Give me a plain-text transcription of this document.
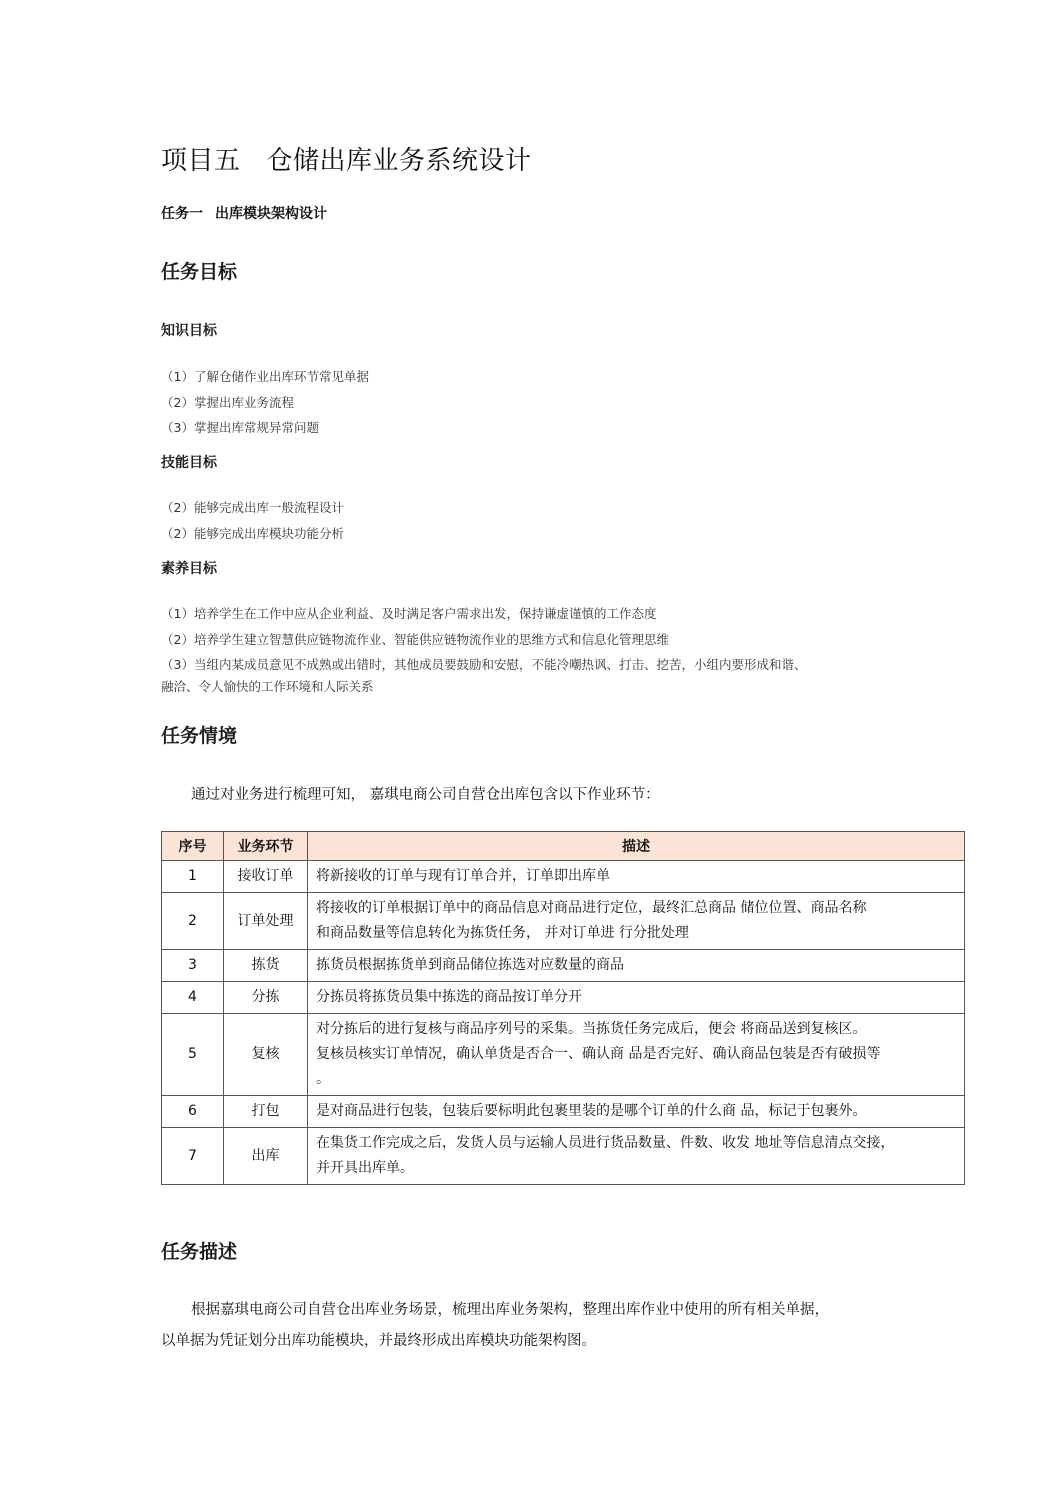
项目五 仓储出库业务系统设计
任务一 出库模块架构设计
任务目标
知识目标
（1）了解仓储作业出库环节常见单据
（2）掌握出库业务流程
（3）掌握出库常规异常问题
技能目标
（2）能够完成出库一般流程设计
（2）能够完成出库模块功能分析
素养目标
（1）培养学生在工作中应从企业利益、及时满足客户需求出发，保持谦虚谨慎的工作态度
（2）培养学生建立智慧供应链物流作业、智能供应链物流作业的思维方式和信息化管理思维
（3）当组内某成员意见不成熟或出错时，其他成员要鼓励和安慰，不能冷嘲热讽、打击、挖苦，小组内要形成和谐、
融洽、令人愉快的工作环境和人际关系
任务情境
通过对业务进行梳理可知， 嘉琪电商公司自营仓出库包含以下作业环节：
序号	业务环节	描述
1	接收订单	将新接收的订单与现有订单合并，订单即出库单

2	订单处理	将接收的订单根据订单中的商品信息对商品进行定位，最终汇总商品 储位位置、商品名称
和商品数量等信息转化为拣货任务， 并对订单进 行分批处理

3	拣货	拣货员根据拣货单到商品储位拣选对应数量的商品

4	分拣	分拣员将拣货员集中拣选的商品按订单分开

5	复核	对分拣后的进行复核与商品序列号的采集。当拣货任务完成后，便会 将商品送到复核区。
复核员核实订单情况，确认单货是否合一、确认商 品是否完好、确认商品包装是否有破损等
。

6	打包	是对商品进行包装，包装后要标明此包裹里装的是哪个订单的什么商 品，标记于包裹外。

7	出库	在集货工作完成之后，发货人员与运输人员进行货品数量、件数、收发 地址等信息清点交接，
并开具出库单。
任务描述
根据嘉琪电商公司自营仓出库业务场景，梳理出库业务架构，整理出库作业中使用的所有相关单据，
以单据为凭证划分出库功能模块，并最终形成出库模块功能架构图。
